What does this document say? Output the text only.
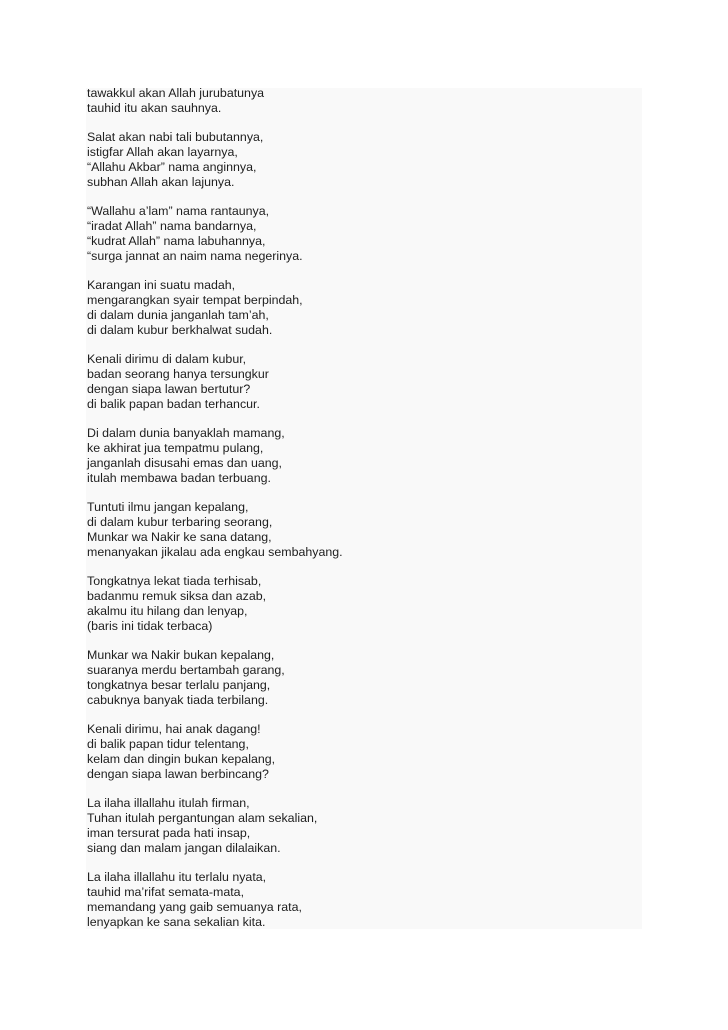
tawakkul akan Allah jurubatunya
tauhid itu akan sauhnya.
Salat akan nabi tali bubutannya,
istigfar Allah akan layarnya,
“Allahu Akbar” nama anginnya,
subhan Allah akan lajunya.
“Wallahu a’lam” nama rantaunya,
“iradat Allah” nama bandarnya,
“kudrat Allah” nama labuhannya,
“surga jannat an naim nama negerinya.
Karangan ini suatu madah,
mengarangkan syair tempat berpindah,
di dalam dunia janganlah tam’ah,
di dalam kubur berkhalwat sudah.
Kenali dirimu di dalam kubur,
badan seorang hanya tersungkur
dengan siapa lawan bertutur?
di balik papan badan terhancur.
Di dalam dunia banyaklah mamang,
ke akhirat jua tempatmu pulang,
janganlah disusahi emas dan uang,
itulah membawa badan terbuang.
Tuntuti ilmu jangan kepalang,
di dalam kubur terbaring seorang,
Munkar wa Nakir ke sana datang,
menanyakan jikalau ada engkau sembahyang.
Tongkatnya lekat tiada terhisab,
badanmu remuk siksa dan azab,
akalmu itu hilang dan lenyap,
(baris ini tidak terbaca)
Munkar wa Nakir bukan kepalang,
suaranya merdu bertambah garang,
tongkatnya besar terlalu panjang,
cabuknya banyak tiada terbilang.
Kenali dirimu, hai anak dagang!
di balik papan tidur telentang,
kelam dan dingin bukan kepalang,
dengan siapa lawan berbincang?
La ilaha illallahu itulah firman,
Tuhan itulah pergantungan alam sekalian,
iman tersurat pada hati insap,
siang dan malam jangan dilalaikan.
La ilaha illallahu itu terlalu nyata,
tauhid ma’rifat semata-mata,
memandang yang gaib semuanya rata,
lenyapkan ke sana sekalian kita.
